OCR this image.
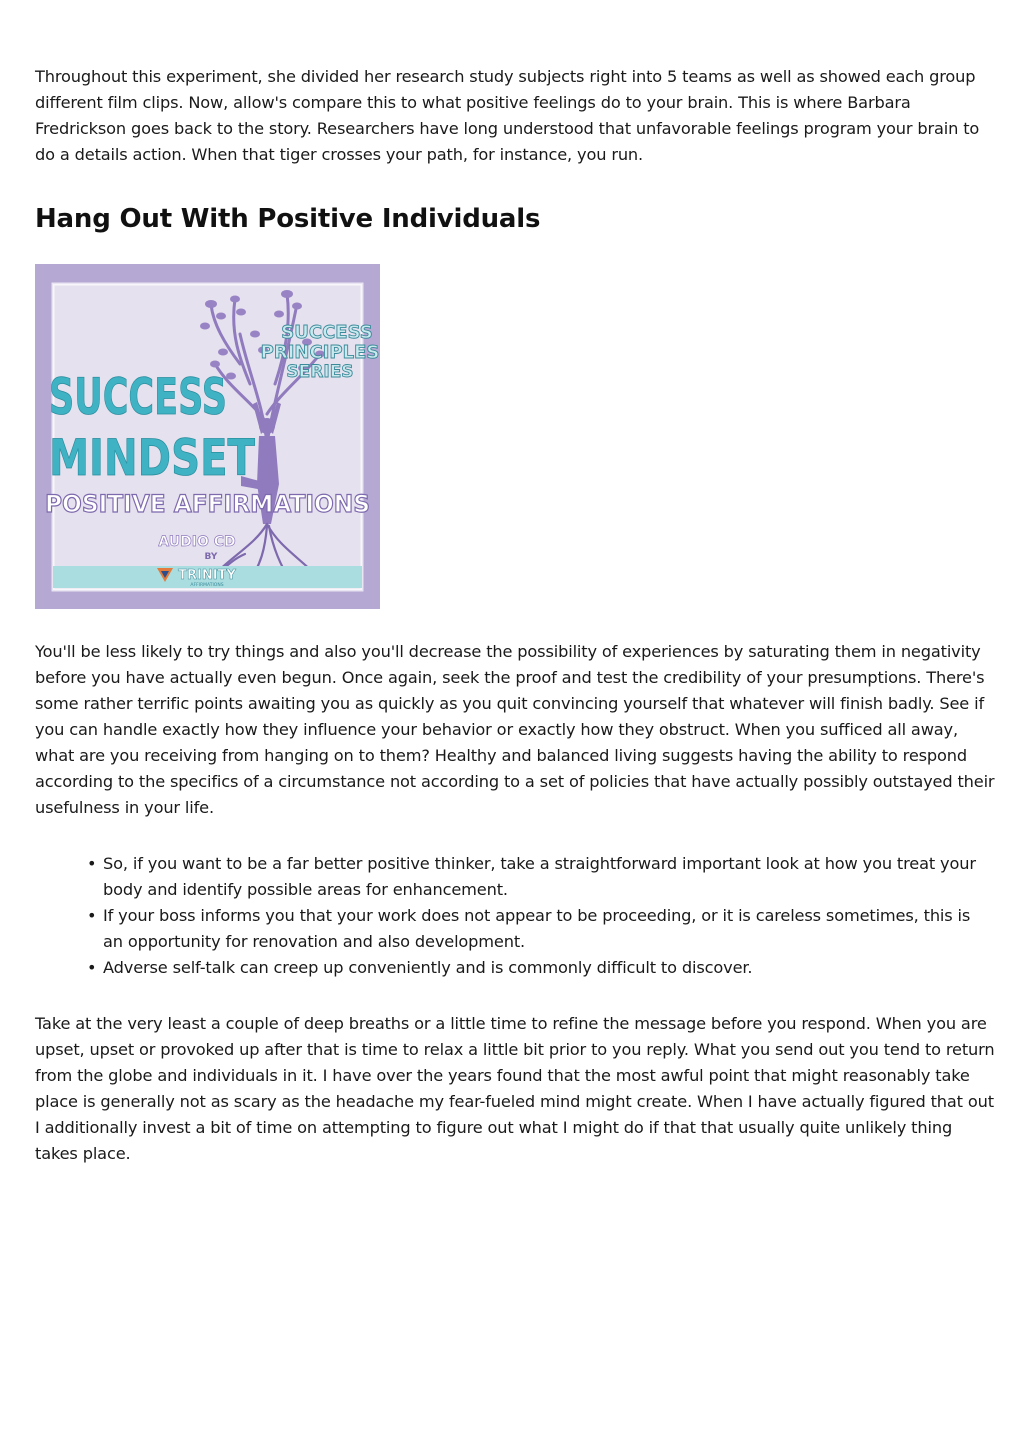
Throughout this experiment, she divided her research study subjects right into 5 teams as well as showed each group different film clips. Now, allow's compare this to what positive feelings do to your brain. This is where Barbara Fredrickson goes back to the story. Researchers have long understood that unfavorable feelings program your brain to do a details action. When that tiger crosses your path, for instance, you run.

Hang Out With Positive Individuals
SUCCESS
PRINCIPLES
SERIES
SUCCESS
MINDSET
POSITIVE AFFIRMATIONS
AUDIO CD
BY
TRINITY
AFFIRMATIONS

You'll be less likely to try things and also you'll decrease the possibility of experiences by saturating them in negativity before you have actually even begun. Once again, seek the proof and test the credibility of your presumptions. There's some rather terrific points awaiting you as quickly as you quit convincing yourself that whatever will finish badly. See if you can handle exactly how they influence your behavior or exactly how they obstruct. When you sufficed all away, what are you receiving from hanging on to them? Healthy and balanced living suggests having the ability to respond according to the specifics of a circumstance not according to a set of policies that have actually possibly outstayed their usefulness in your life.

• So, if you want to be a far better positive thinker, take a straightforward important look at how you treat your body and identify possible areas for enhancement.
• If your boss informs you that your work does not appear to be proceeding, or it is careless sometimes, this is an opportunity for renovation and also development.
• Adverse self-talk can creep up conveniently and is commonly difficult to discover.

Take at the very least a couple of deep breaths or a little time to refine the message before you respond. When you are upset, upset or provoked up after that is time to relax a little bit prior to you reply. What you send out you tend to return from the globe and individuals in it. I have over the years found that the most awful point that might reasonably take place is generally not as scary as the headache my fear-fueled mind might create. When I have actually figured that out I additionally invest a bit of time on attempting to figure out what I might do if that that usually quite unlikely thing takes place.
